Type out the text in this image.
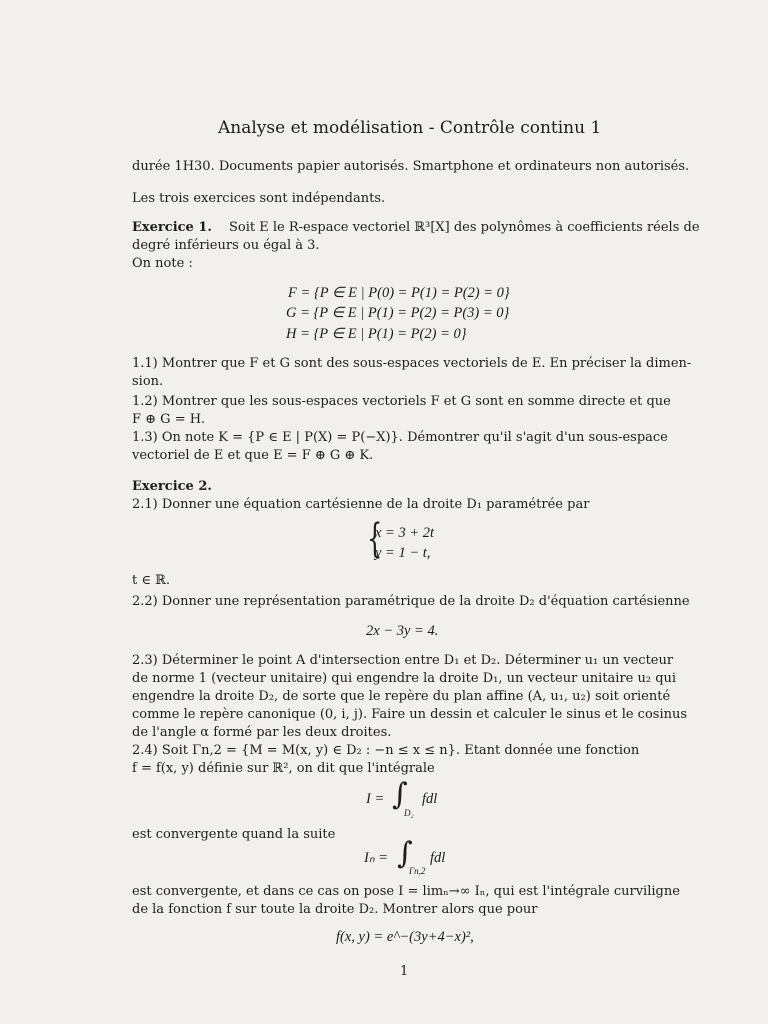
Analyse et modélisation - Contrôle continu 1
durée 1H30. Documents papier autorisés. Smartphone et ordinateurs non autorisés.
Les trois exercices sont indépendants.
Exercice 1. Soit E le R-espace vectoriel ℝ³[X] des polynômes à coefficients réels de
degré inférieurs ou égal à 3.
On note :
F = {P ∈ E | P(0) = P(1) = P(2) = 0}
G = {P ∈ E | P(1) = P(2) = P(3) = 0}
H = {P ∈ E | P(1) = P(2) = 0}
1.1) Montrer que F et G sont des sous-espaces vectoriels de E. En préciser la dimen-
sion.
1.2) Montrer que les sous-espaces vectoriels F et G sont en somme directe et que
F ⊕ G = H.
1.3) On note K = {P ∈ E | P(X) = P(−X)}. Démontrer qu'il s'agit d'un sous-espace
vectoriel de E et que E = F ⊕ G ⊕ K.
Exercice 2.
2.1) Donner une équation cartésienne de la droite D₁ paramétrée par
{
x = 3 + 2t
y = 1 − t,
t ∈ ℝ.
2.2) Donner une représentation paramétrique de la droite D₂ d'équation cartésienne
2x − 3y = 4.
2.3) Déterminer le point A d'intersection entre D₁ et D₂. Déterminer u₁ un vecteur
de norme 1 (vecteur unitaire) qui engendre la droite D₁, un vecteur unitaire u₂ qui
engendre la droite D₂, de sorte que le repère du plan affine (A, u₁, u₂) soit orienté
comme le repère canonique (0, i, j). Faire un dessin et calculer le sinus et le cosinus
de l'angle α formé par les deux droites.
2.4) Soit Γn,2 = {M = M(x, y) ∈ D₂ : −n ≤ x ≤ n}. Etant donnée une fonction
f = f(x, y) définie sur ℝ², on dit que l'intégrale
I = ∫
D₂
fdl
est convergente quand la suite
Iₙ = ∫
Γn,2
fdl
est convergente, et dans ce cas on pose I = limₙ→∞ Iₙ, qui est l'intégrale curviligne
de la fonction f sur toute la droite D₂. Montrer alors que pour
f(x, y) = e^−(3y+4−x)²,
1
